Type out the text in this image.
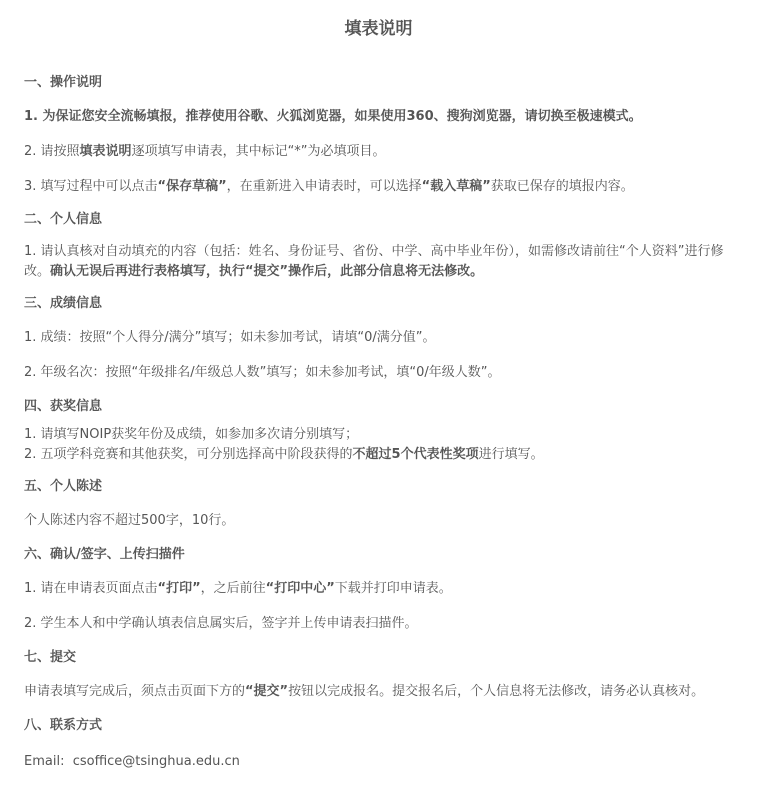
填表说明
一、操作说明

1. 为保证您安全流畅填报，推荐使用谷歌、火狐浏览器，如果使用360、搜狗浏览器，请切换至极速模式。

2. 请按照填表说明逐项填写申请表，其中标记“*”为必填项目。

3. 填写过程中可以点击“保存草稿”，在重新进入申请表时，可以选择“载入草稿”获取已保存的填报内容。

二、个人信息

1. 请认真核对自动填充的内容（包括：姓名、身份证号、省份、中学、高中毕业年份），如需修改请前往“个人资料”进行修改。确认无误后再进行表格填写，执行“提交”操作后，此部分信息将无法修改。

三、成绩信息

1. 成绩：按照“个人得分/满分”填写；如未参加考试，请填“0/满分值”。

2. 年级名次：按照“年级排名/年级总人数”填写；如未参加考试，填“0/年级人数”。

四、获奖信息

1. 请填写NOIP获奖年份及成绩，如参加多次请分别填写；

2. 五项学科竞赛和其他获奖，可分别选择高中阶段获得的不超过5个代表性奖项进行填写。

五、个人陈述

个人陈述内容不超过500字，10行。

六、确认/签字、上传扫描件

1. 请在申请表页面点击“打印”，之后前往“打印中心”下载并打印申请表。

2. 学生本人和中学确认填表信息属实后，签字并上传申请表扫描件。

七、提交

申请表填写完成后，须点击页面下方的“提交”按钮以完成报名。提交报名后，个人信息将无法修改，请务必认真核对。

八、联系方式

Email:  csoffice@tsinghua.edu.cn
